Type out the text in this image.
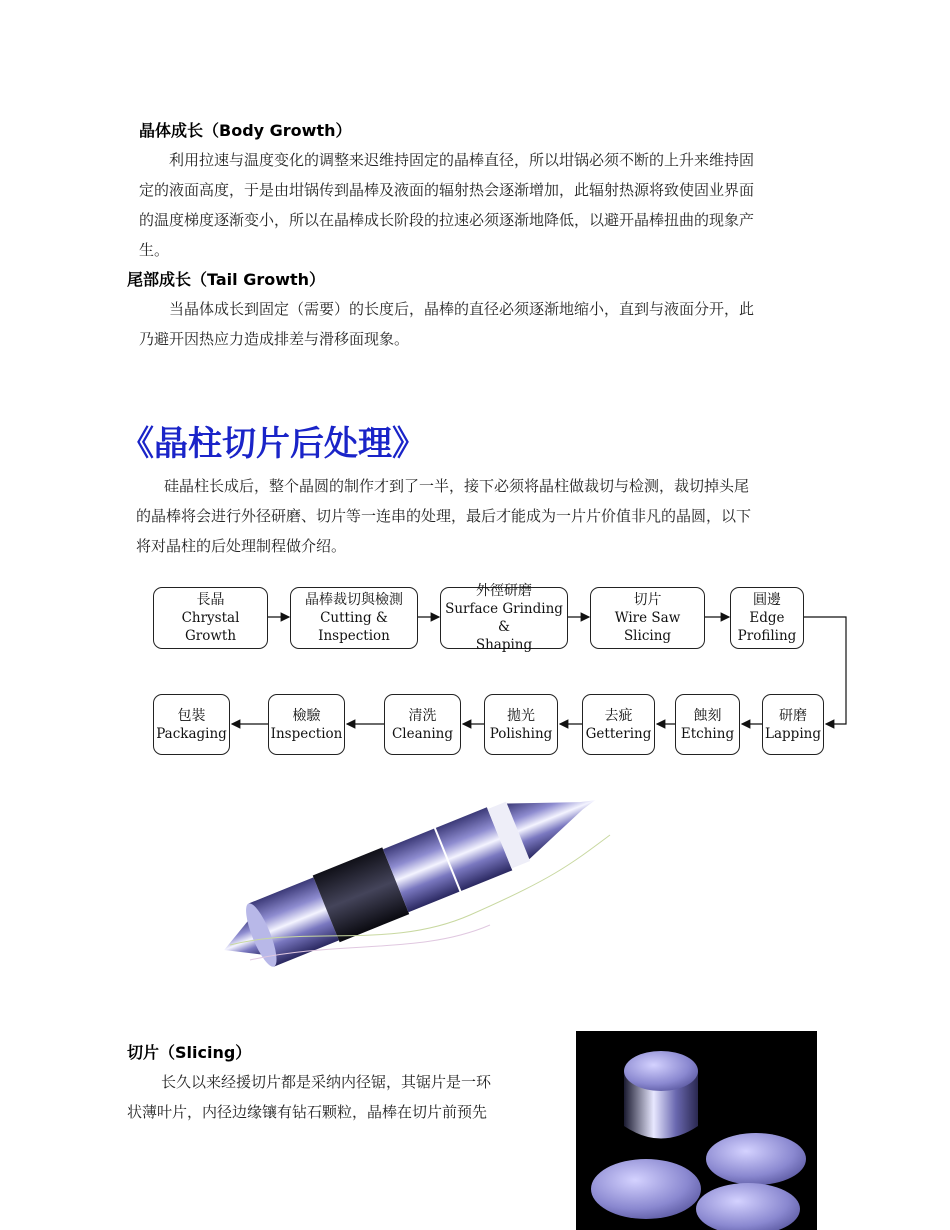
晶体成长（Body Growth）
利用拉速与温度变化的调整来迟维持固定的晶棒直径，所以坩锅必须不断的上升来维持固
定的液面高度，于是由坩锅传到晶棒及液面的辐射热会逐渐增加，此辐射热源将致使固业界面
的温度梯度逐渐变小，所以在晶棒成长阶段的拉速必须逐渐地降低，以避开晶棒扭曲的现象产
生。
尾部成长（Tail Growth）
当晶体成长到固定（需要）的长度后，晶棒的直径必须逐渐地缩小，直到与液面分开，此
乃避开因热应力造成排差与滑移面现象。
《晶柱切片后处理》
硅晶柱长成后，整个晶圆的制作才到了一半，接下必须将晶柱做裁切与检测，裁切掉头尾
的晶棒将会进行外径研磨、切片等一连串的处理，最后才能成为一片片价值非凡的晶圆，以下
将对晶柱的后处理制程做介绍。
長晶
Chrystal Growth
晶棒裁切與檢測
Cutting &
Inspection
外徑研磨
Surface Grinding &
Shaping
切片
Wire Saw Slicing
圓邊
Edge
Profiling
包裝
Packaging
檢驗
Inspection
清洗
Cleaning
拋光
Polishing
去疵
Gettering
蝕刻
Etching
研磨
Lapping
切片（Slicing）
长久以来经援切片都是采纳内径锯，其锯片是一环
状薄叶片，内径边缘镶有钻石颗粒，晶棒在切片前预先
